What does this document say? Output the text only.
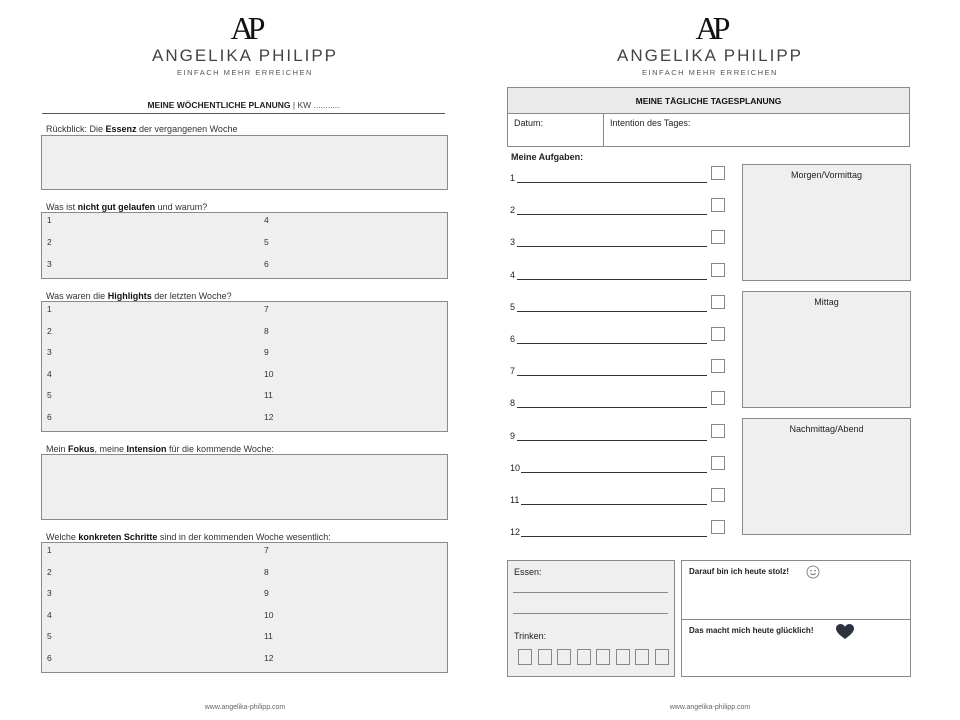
AP
ANGELIKA PHILIPP
EINFACH MEHR ERREICHEN
MEINE WÖCHENTLICHE PLANUNG | KW ...........
Rückblick: Die Essenz der vergangenen Woche
Was ist nicht gut gelaufen und warum?
1
2
3
4
5
6
Was waren die Highlights der letzten Woche?
1
2
3
4
5
6
7
8
9
10
11
12
Mein Fokus, meine Intension für die kommende Woche:
Welche konkreten Schritte sind in der kommenden Woche wesentlich:
1
2
3
4
5
6
7
8
9
10
11
12
www.angelika-philipp.com
AP
ANGELIKA PHILIPP
EINFACH MEHR ERREICHEN
MEINE TÄGLICHE TAGESPLANUNG
Datum:	Intention des Tages:
Meine Aufgaben:
1
2
3
4
5
6
7
8
9
10
11
12
Morgen/Vormittag
Mittag
Nachmittag/Abend
Essen:
Trinken:
Darauf bin ich heute stolz!
Das macht mich heute glücklich!
www.angelika-philipp.com
